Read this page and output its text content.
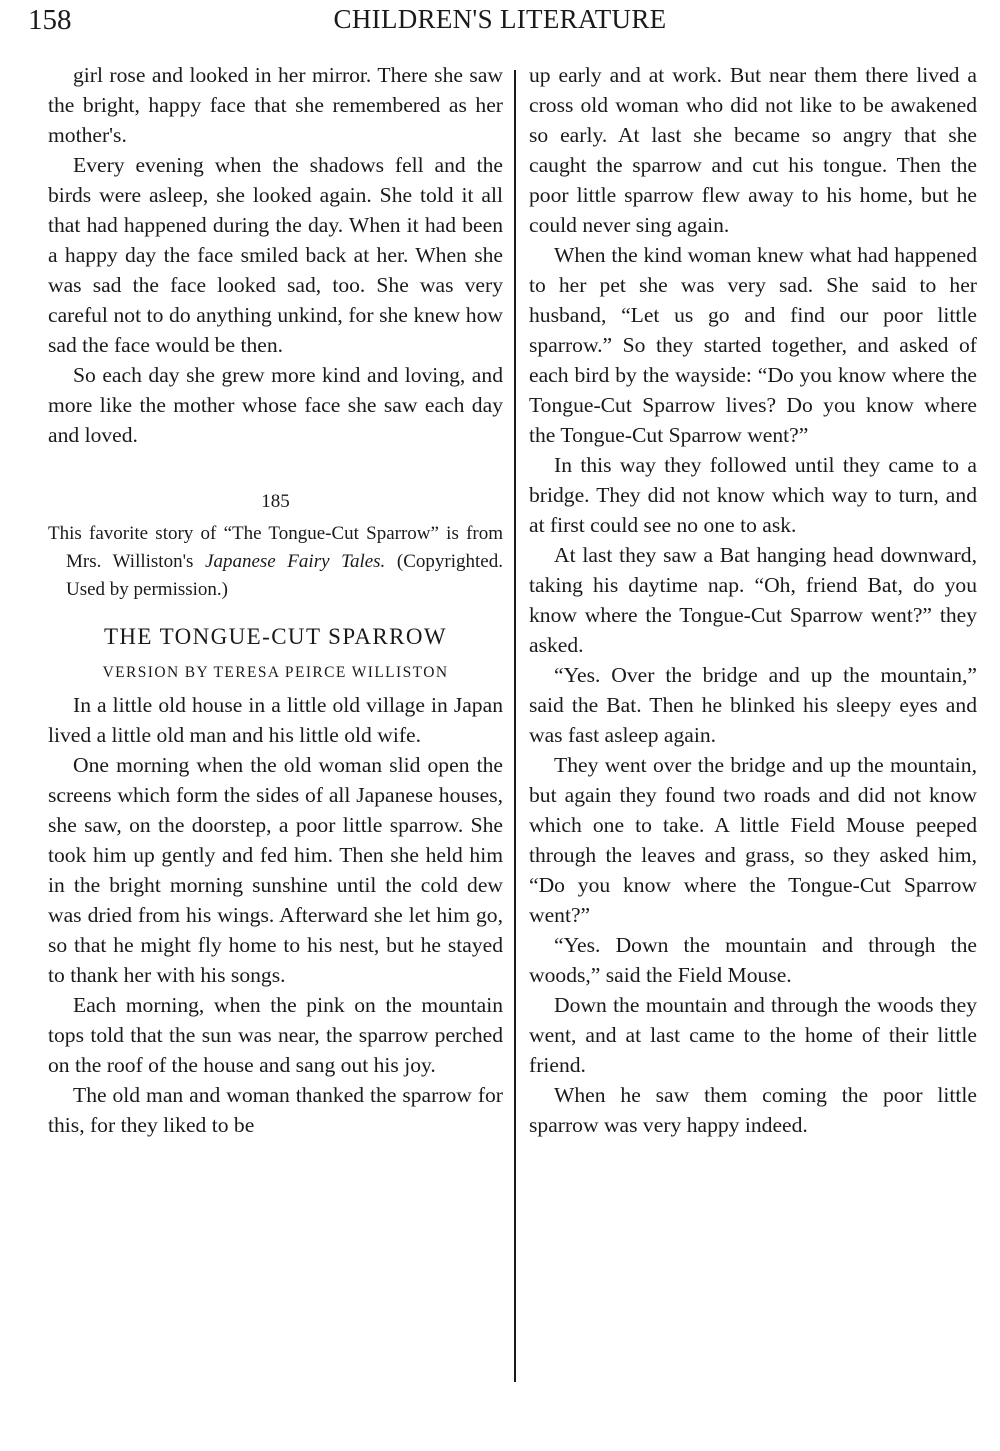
158	CHILDREN'S LITERATURE

girl rose and looked in her mirror. There she saw the bright, happy face that she remembered as her mother's.

Every evening when the shadows fell and the birds were asleep, she looked again. She told it all that had happened during the day. When it had been a happy day the face smiled back at her. When she was sad the face looked sad, too. She was very careful not to do anything unkind, for she knew how sad the face would be then.

So each day she grew more kind and loving, and more like the mother whose face she saw each day and loved.

185
This favorite story of “The Tongue-Cut Sparrow” is from Mrs. Williston's Japanese Fairy Tales. (Copyrighted. Used by permission.)
THE TONGUE-CUT SPARROW
VERSION BY TERESA PEIRCE WILLISTON

In a little old house in a little old village in Japan lived a little old man and his little old wife.

One morning when the old woman slid open the screens which form the sides of all Japanese houses, she saw, on the doorstep, a poor little sparrow. She took him up gently and fed him. Then she held him in the bright morning sunshine until the cold dew was dried from his wings. Afterward she let him go, so that he might fly home to his nest, but he stayed to thank her with his songs.

Each morning, when the pink on the mountain tops told that the sun was near, the sparrow perched on the roof of the house and sang out his joy.

The old man and woman thanked the sparrow for this, for they liked to be

up early and at work. But near them there lived a cross old woman who did not like to be awakened so early. At last she became so angry that she caught the sparrow and cut his tongue. Then the poor little sparrow flew away to his home, but he could never sing again.

When the kind woman knew what had happened to her pet she was very sad. She said to her husband, “Let us go and find our poor little sparrow.” So they started together, and asked of each bird by the wayside: “Do you know where the Tongue-Cut Sparrow lives? Do you know where the Tongue-Cut Sparrow went?”

In this way they followed until they came to a bridge. They did not know which way to turn, and at first could see no one to ask.

At last they saw a Bat hanging head downward, taking his daytime nap. “Oh, friend Bat, do you know where the Tongue-Cut Sparrow went?” they asked.

“Yes. Over the bridge and up the mountain,” said the Bat. Then he blinked his sleepy eyes and was fast asleep again.

They went over the bridge and up the mountain, but again they found two roads and did not know which one to take. A little Field Mouse peeped through the leaves and grass, so they asked him, “Do you know where the Tongue-Cut Sparrow went?”

“Yes. Down the mountain and through the woods,” said the Field Mouse.

Down the mountain and through the woods they went, and at last came to the home of their little friend.

When he saw them coming the poor little sparrow was very happy indeed.
